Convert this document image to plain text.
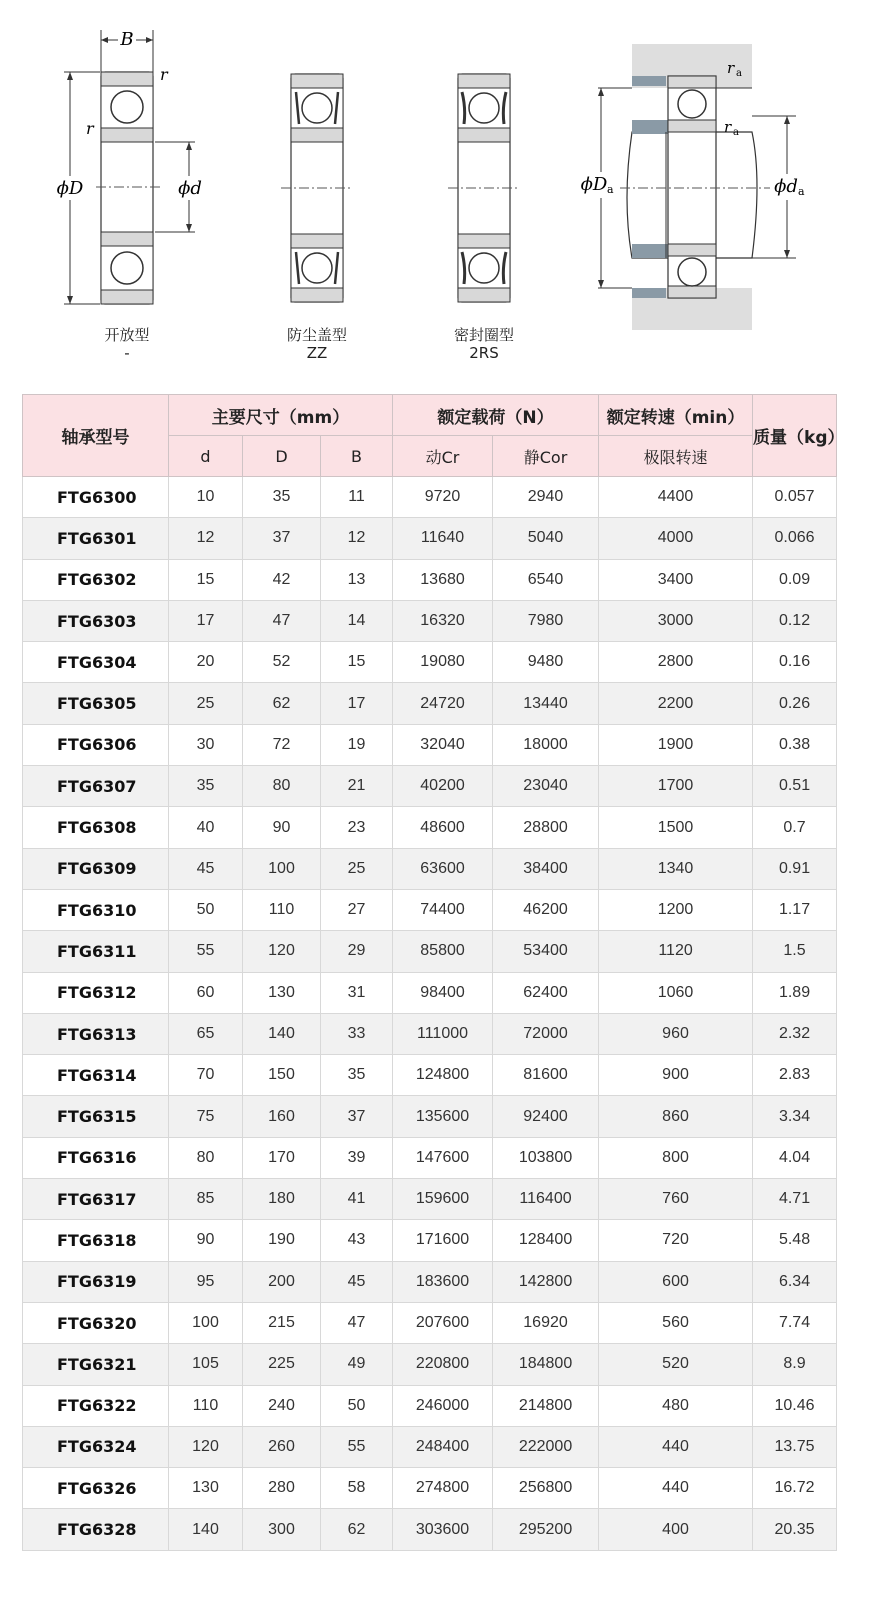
B
r
r
ϕD	ϕd
r a
r a
ϕD a	ϕd a
开放型
-
防尘盖型
ZZ
密封圈型
2RS
轴承型号	主要尺寸（mm）			额定载荷（N）		额定转速（min）	质量（kg）
	d	D	B	动Cr	静Cor	极限转速	
FTG6300	10	35	11	9720	2940	4400	0.057
FTG6301	12	37	12	11640	5040	4000	0.066
FTG6302	15	42	13	13680	6540	3400	0.09
FTG6303	17	47	14	16320	7980	3000	0.12
FTG6304	20	52	15	19080	9480	2800	0.16
FTG6305	25	62	17	24720	13440	2200	0.26
FTG6306	30	72	19	32040	18000	1900	0.38
FTG6307	35	80	21	40200	23040	1700	0.51
FTG6308	40	90	23	48600	28800	1500	0.7
FTG6309	45	100	25	63600	38400	1340	0.91
FTG6310	50	110	27	74400	46200	1200	1.17
FTG6311	55	120	29	85800	53400	1120	1.5
FTG6312	60	130	31	98400	62400	1060	1.89
FTG6313	65	140	33	111000	72000	960	2.32
FTG6314	70	150	35	124800	81600	900	2.83
FTG6315	75	160	37	135600	92400	860	3.34
FTG6316	80	170	39	147600	103800	800	4.04
FTG6317	85	180	41	159600	116400	760	4.71
FTG6318	90	190	43	171600	128400	720	5.48
FTG6319	95	200	45	183600	142800	600	6.34
FTG6320	100	215	47	207600	16920	560	7.74
FTG6321	105	225	49	220800	184800	520	8.9
FTG6322	110	240	50	246000	214800	480	10.46
FTG6324	120	260	55	248400	222000	440	13.75
FTG6326	130	280	58	274800	256800	440	16.72
FTG6328	140	300	62	303600	295200	400	20.35
